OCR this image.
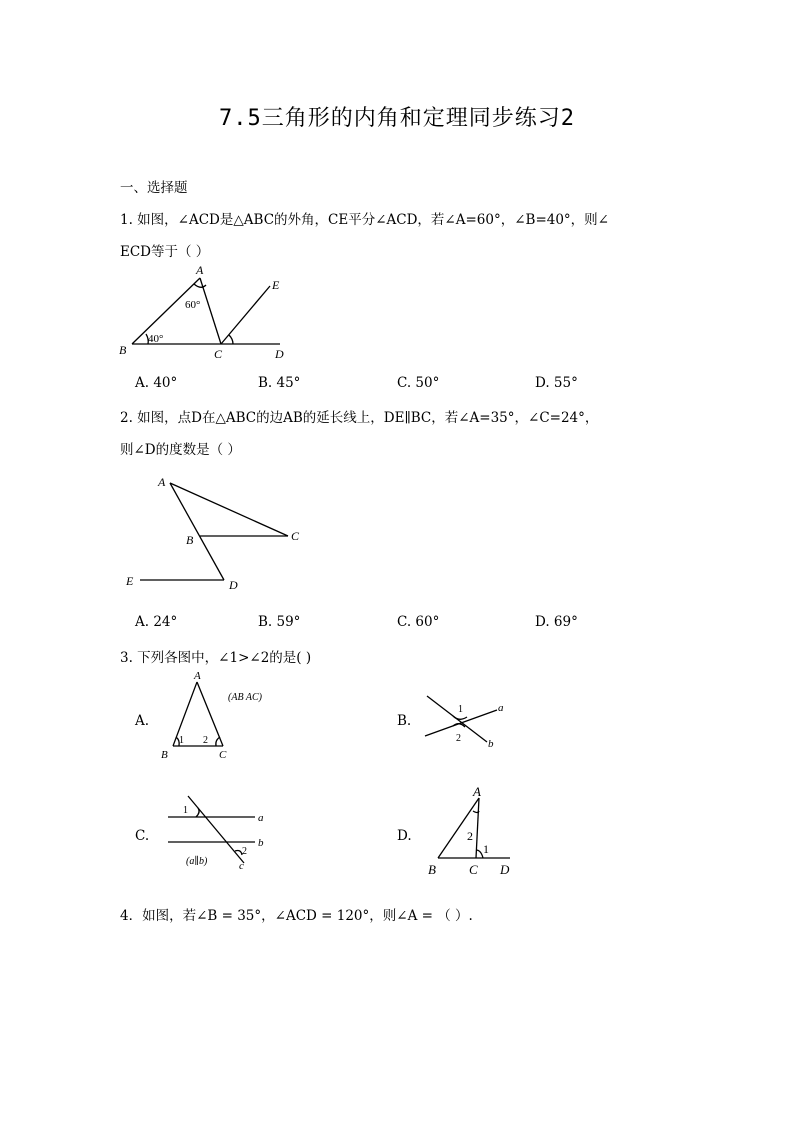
7.5三角形的内角和定理同步练习2
一、选择题
1. 如图，∠ACD是△ABC的外角，CE平分∠ACD，若∠A=60°，∠B=40°，则∠
ECD等于（ ）
A
B	C	D
E
60°
40°
A. 40°	B. 45°	C. 50°	D. 55°
2. 如图，点D在△ABC的边AB的延长线上，DE∥BC，若∠A=35°，∠C=24°，
则∠D的度数是（ ）
A
B	C
D
E
A. 24°	B. 59°	C. 60°	D. 69°
3. 下列各图中，∠1>∠2的是( )
A.
A
B	C
(AB AC)
1 2
B.
1
2
a
b
C.
1
2
a
b
c
(a∥b)
D.
A
B	C D
2
1
4．如图，若∠B = 35°，∠ACD = 120°，则∠A = （ ）.
